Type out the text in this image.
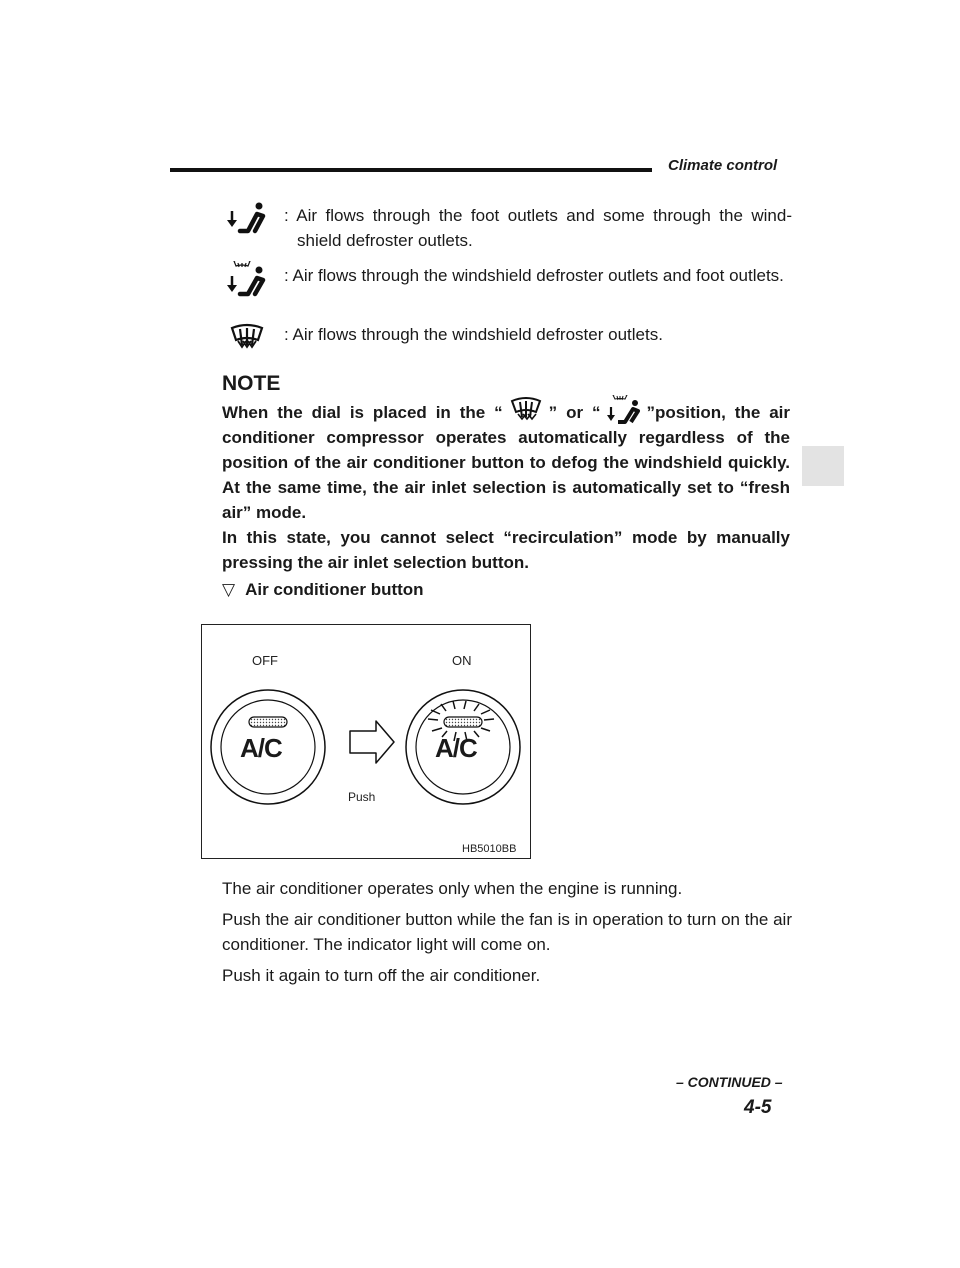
Climate control
: Air flows through the foot outlets and some through the wind-shield defroster outlets.
: Air flows through the windshield defroster outlets and foot outlets.
: Air flows through the windshield defroster outlets.
NOTE

When the dial is placed in the “	” or “	”position, the air conditioner compressor operates automatically regardless of the position of the air conditioner button to defog the windshield quickly. At the same time, the air inlet selection is automatically set to “fresh air” mode.

In this state, you cannot select “recirculation” mode by manually pressing the air inlet selection button.

▽ Air conditioner button
OFF	ON
A/C	A/C
Push
HB5010BB

The air conditioner operates only when the engine is running.

Push the air conditioner button while the fan is in operation to turn on the air conditioner. The indicator light will come on.

Push it again to turn off the air conditioner.

– CONTINUED –
4-5
